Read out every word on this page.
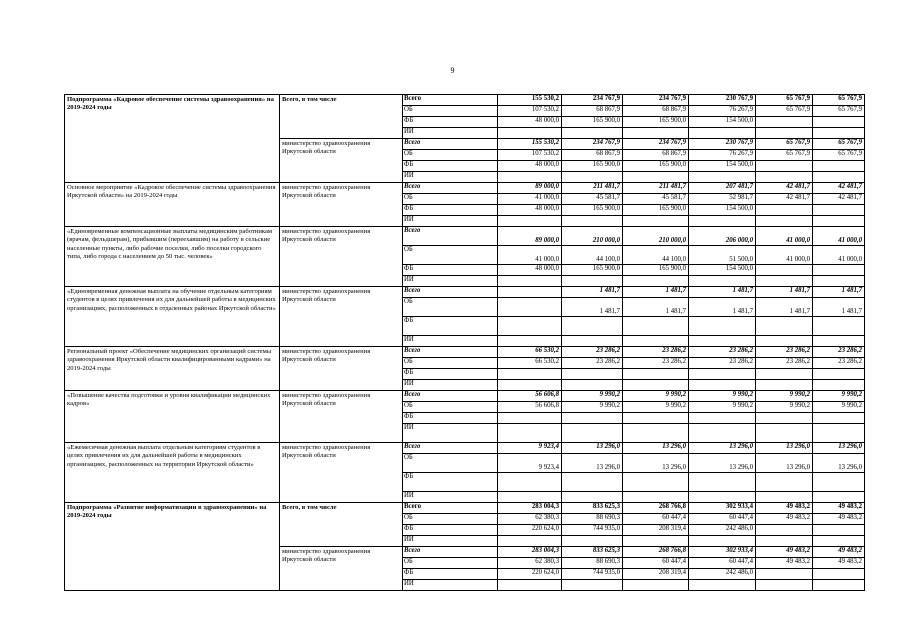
9
Подпрограмма «Кадровое обеспечение системы здравоохранения» на 2019-2024 годы	Всего, в том числе	Всего	155 530,2	234 767,9	234 767,9	230 767,9	65 767,9	65 767,9
		ОБ	107 530,2	68 867,9	68 867,9	76 267,9	65 767,9	65 767,9
		ФБ	48 000,0	165 900,0	165 900,0	154 500,0		
		ИИ						
	министерство здравоохранения Иркутской области	Всего	155 530,2	234 767,9	234 767,9	230 767,9	65 767,9	65 767,9
		ОБ	107 530,2	68 867,9	68 867,9	76 267,9	65 767,9	65 767,9
		ФБ	48 000,0	165 900,0	165 900,0	154 500,0		
		ИИ						
Основное мероприятие «Кадровое обеспечение системы здравоохранения Иркутской области» на 2019-2024 годы	министерство здравоохранения Иркутской области	Всего	89 000,0	211 481,7	211 481,7	207 481,7	42 481,7	42 481,7
		ОБ	41 000,0	45 581,7	45 581,7	52 981,7	42 481,7	42 481,7
		ФБ	48 000,0	165 900,0	165 900,0	154 500,0		
		ИИ						
«Единовременные компенсационные выплаты медицинским работникам (врачам, фельдшерам), прибывшим (переехавшим) на работу в сельские населенные пункты, либо рабочие поселки, либо поселки городского типа, либо города с населением до 50 тыс. человек»	министерство здравоохранения Иркутской области	Всего	89 000,0	210 000,0	210 000,0	206 000,0	41 000,0	41 000,0
		ОБ	41 000,0	44 100,0	44 100,0	51 500,0	41 000,0	41 000,0
		ФБ	48 000,0	165 900,0	165 900,0	154 500,0		
		ИИ						
«Единовременная денежная выплата на обучение отдельным категориям студентов в целях привлечения их для дальнейшей работы в медицинских организациях, расположенных в отдаленных районах Иркутской области»	министерство здравоохранения Иркутской области	Всего		1 481,7	1 481,7	1 481,7	1 481,7	1 481,7
		ОБ		1 481,7	1 481,7	1 481,7	1 481,7	1 481,7
		ФБ						
		ИИ						
Региональный проект «Обеспечение медицинских организаций системы здравоохранения Иркутской области квалифицированными кадрами» на 2019-2024 годы	министерство здравоохранения Иркутской области	Всего	66 530,2	23 286,2	23 286,2	23 286,2	23 286,2	23 286,2
		ОБ	66 530,2	23 286,2	23 286,2	23 286,2	23 286,2	23 286,2
		ФБ						
		ИИ						
«Повышение качества подготовки и уровня квалификации медицинских кадров»	министерство здравоохранения Иркутской области	Всего	56 606,8	9 990,2	9 990,2	9 990,2	9 990,2	9 990,2
		ОБ	56 606,8	9 990,2	9 990,2	9 990,2	9 990,2	9 990,2
		ФБ						
		ИИ						
«Ежемесячная денежная выплата отдельным категориям студентов в целях привлечения их для дальнейшей работы в медицинских организациях, расположенных на территории Иркутской области»	министерство здравоохранения Иркутской области	Всего	9 923,4	13 296,0	13 296,0	13 296,0	13 296,0	13 296,0
		ОБ	9 923,4	13 296,0	13 296,0	13 296,0	13 296,0	13 296,0
		ФБ						
		ИИ						
Подпрограмма «Развитие информатизации в здравоохранении» на 2019-2024 годы	Всего, в том числе	Всего	283 004,3	833 625,3	268 766,8	302 933,4	49 483,2	49 483,2
		ОБ	62 380,3	88 690,3	60 447,4	60 447,4	49 483,2	49 483,2
		ФБ	220 624,0	744 935,0	208 319,4	242 486,0		
		ИИ						
	министерство здравоохранения Иркутской области	Всего	283 004,3	833 625,3	268 766,8	302 933,4	49 483,2	49 483,2
		ОБ	62 380,3	88 690,3	60 447,4	60 447,4	49 483,2	49 483,2
		ФБ	220 624,0	744 935,0	208 319,4	242 486,0		
		ИИ						
